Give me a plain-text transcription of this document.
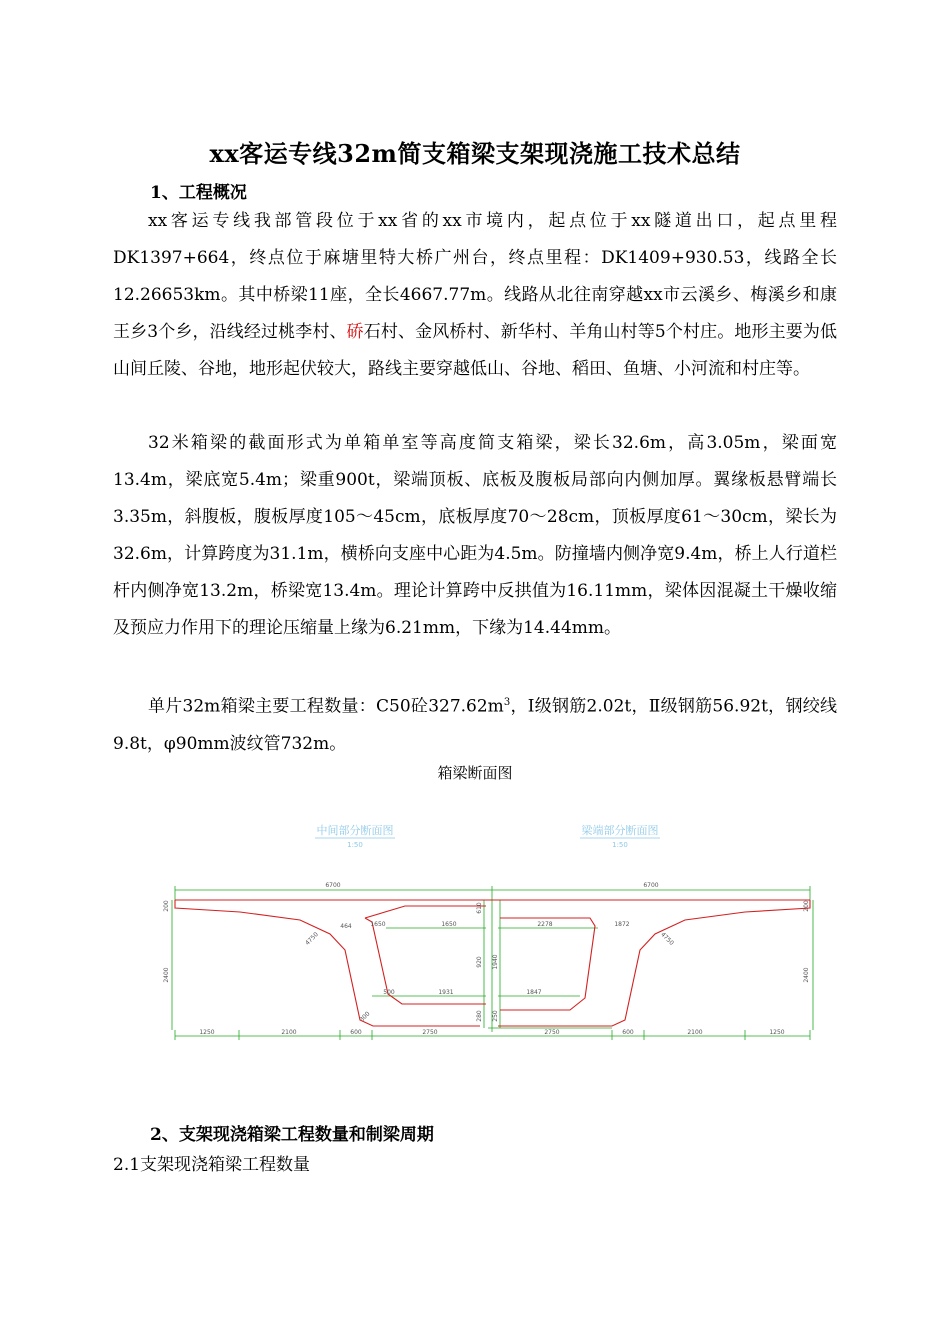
xx客运专线32m简支箱梁支架现浇施工技术总结
1、工程概况
xx客运专线我部管段位于xx省的xx市境内，起点位于xx隧道出口，起点里程DK1397+664，终点位于麻塘里特大桥广州台，终点里程：DK1409+930.53，线路全长12.26653km。其中桥梁11座，全长4667.77m。线路从北往南穿越xx市云溪乡、梅溪乡和康王乡3个乡，沿线经过桃李村、硚石村、金风桥村、新华村、羊角山村等5个村庄。地形主要为低山间丘陵、谷地，地形起伏较大，路线主要穿越低山、谷地、稻田、鱼塘、小河流和村庄等。
32米箱梁的截面形式为单箱单室等高度简支箱梁，梁长32.6m，高3.05m，梁面宽13.4m，梁底宽5.4m；梁重900t，梁端顶板、底板及腹板局部向内侧加厚。翼缘板悬臂端长3.35m，斜腹板，腹板厚度105～45cm，底板厚度70～28cm，顶板厚度61～30cm，梁长为32.6m，计算跨度为31.1m，横桥向支座中心距为4.5m。防撞墙内侧净宽9.4m，桥上人行道栏杆内侧净宽13.2m，桥梁宽13.4m。理论计算跨中反拱值为16.11mm，梁体因混凝土干燥收缩及预应力作用下的理论压缩量上缘为6.21mm，下缘为14.44mm。
单片32m箱梁主要工程数量：C50砼$327.62m^3$，Ⅰ级钢筋2.02t，Ⅱ级钢筋56.92t，钢绞线9.8t，φ90mm波纹管732m。
箱梁断面图
中间部分断面图
1:50
梁端部分断面图
1:50
6700	6700
1250	2100	600	2750	2750	600	2100	1250
2400	2400
200	200
1650	1650
1931
500
2278	1872
1847
610
920 1940
280 250
4750
464
300
4750
2、支架现浇箱梁工程数量和制梁周期
2.1支架现浇箱梁工程数量
